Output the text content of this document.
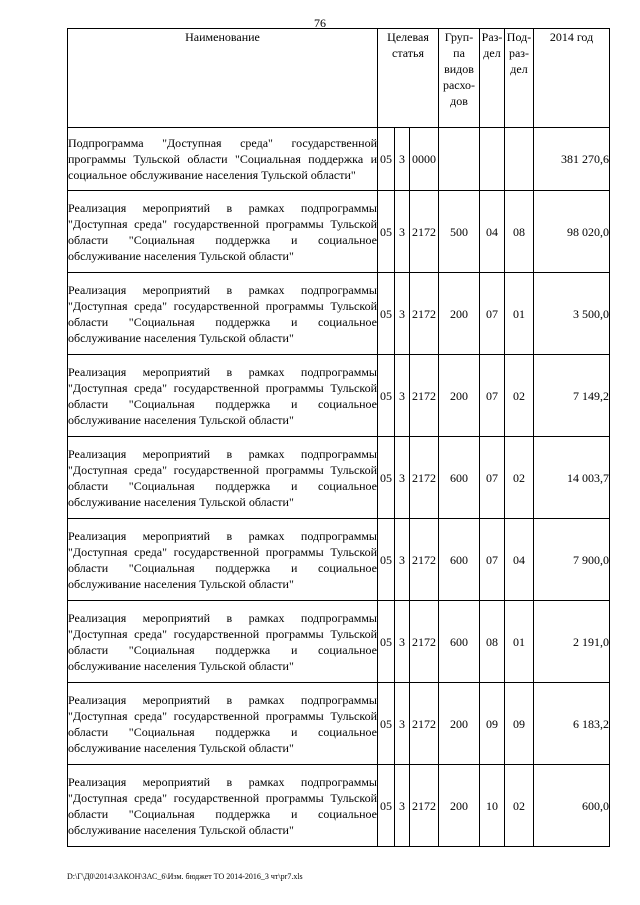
76
Наименование	Целевая статья			Груп-па видов расхо-дов	Раз-дел	Под-раз-дел	2014 год
Подпрограмма "Доступная среда" государственной программы Тульской области "Социальная поддержка и социальное обслуживание населения Тульской области"	05	3	0000				381 270,6
Реализация мероприятий в рамках подпрограммы "Доступная среда" государственной программы Тульской области "Социальная поддержка и социальное обслуживание населения Тульской области"	05	3	2172	500	04	08	98 020,0
Реализация мероприятий в рамках подпрограммы "Доступная среда" государственной программы Тульской области "Социальная поддержка и социальное обслуживание населения Тульской области"	05	3	2172	200	07	01	3 500,0
Реализация мероприятий в рамках подпрограммы "Доступная среда" государственной программы Тульской области "Социальная поддержка и социальное обслуживание населения Тульской области"	05	3	2172	200	07	02	7 149,2
Реализация мероприятий в рамках подпрограммы "Доступная среда" государственной программы Тульской области "Социальная поддержка и социальное обслуживание населения Тульской области"	05	3	2172	600	07	02	14 003,7
Реализация мероприятий в рамках подпрограммы "Доступная среда" государственной программы Тульской области "Социальная поддержка и социальное обслуживание населения Тульской области"	05	3	2172	600	07	04	7 900,0
Реализация мероприятий в рамках подпрограммы "Доступная среда" государственной программы Тульской области "Социальная поддержка и социальное обслуживание населения Тульской области"	05	3	2172	600	08	01	2 191,0
Реализация мероприятий в рамках подпрограммы "Доступная среда" государственной программы Тульской области "Социальная поддержка и социальное обслуживание населения Тульской области"	05	3	2172	200	09	09	6 183,2
Реализация мероприятий в рамках подпрограммы "Доступная среда" государственной программы Тульской области "Социальная поддержка и социальное обслуживание населения Тульской области"	05	3	2172	200	10	02	600,0
D:\Г\Д0\2014\ЗАКОН\ЗАС_6\Изм. бюджет ТО 2014-2016_3 чт\pr7.xls
